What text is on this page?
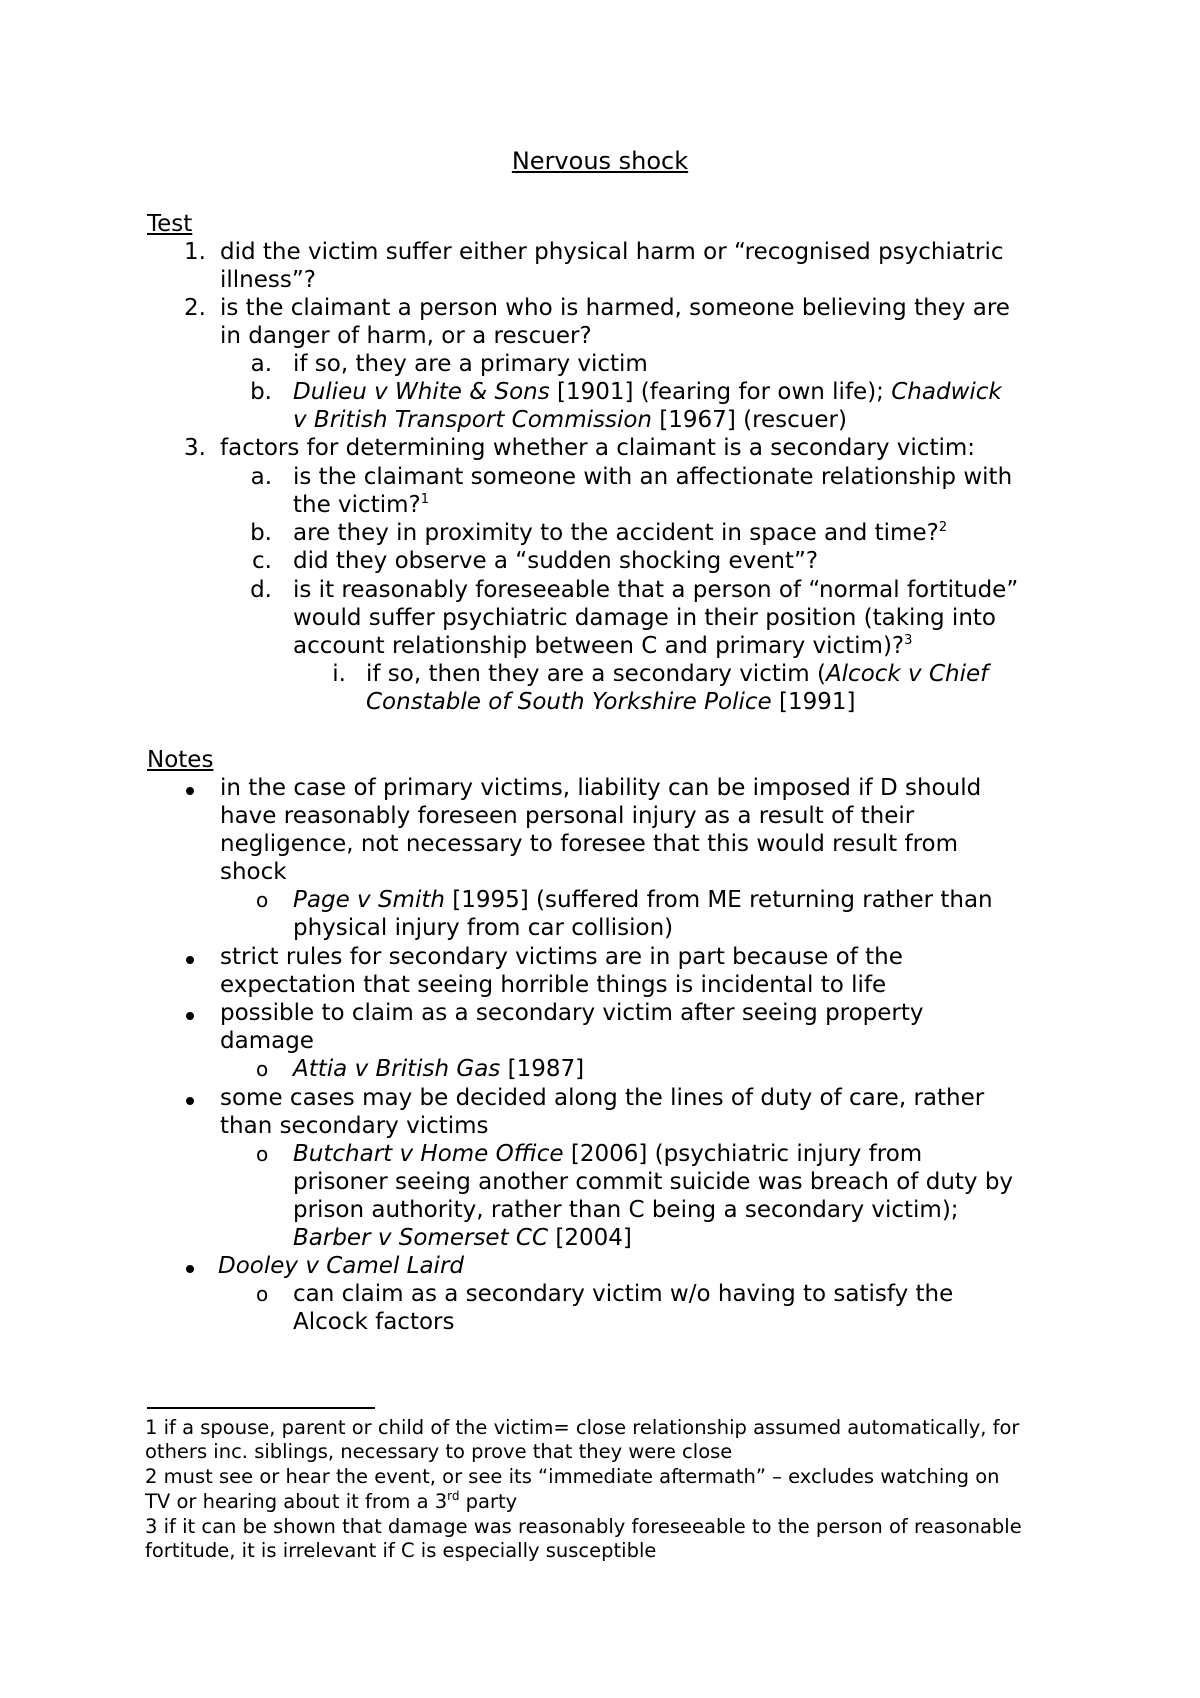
Nervous shock
Test
1. did the victim suffer either physical harm or “recognised psychiatric
illness”?
2. is the claimant a person who is harmed, someone believing they are
in danger of harm, or a rescuer?
a. if so, they are a primary victim
b. Dulieu v White & Sons [1901] (fearing for own life); Chadwick
v British Transport Commission [1967] (rescuer)
3. factors for determining whether a claimant is a secondary victim:
a. is the claimant someone with an affectionate relationship with
the victim?$^1$
b. are they in proximity to the accident in space and time?$^2$
c. did they observe a “sudden shocking event”?
d. is it reasonably foreseeable that a person of “normal fortitude”
would suffer psychiatric damage in their position (taking into
account relationship between C and primary victim)?$^3$
i. if so, then they are a secondary victim (Alcock v Chief
Constable of South Yorkshire Police [1991]
Notes
in the case of primary victims, liability can be imposed if D should
have reasonably foreseen personal injury as a result of their
negligence, not necessary to foresee that this would result from
shock
o Page v Smith [1995] (suffered from ME returning rather than
physical injury from car collision)
strict rules for secondary victims are in part because of the
expectation that seeing horrible things is incidental to life
possible to claim as a secondary victim after seeing property
damage
o Attia v British Gas [1987]
some cases may be decided along the lines of duty of care, rather
than secondary victims
o Butchart v Home Office [2006] (psychiatric injury from
prisoner seeing another commit suicide was breach of duty by
prison authority, rather than C being a secondary victim);
Barber v Somerset CC [2004]
Dooley v Camel Laird
o can claim as a secondary victim w/o having to satisfy the
Alcock factors
1 if a spouse, parent or child of the victim= close relationship assumed automatically, for
others inc. siblings, necessary to prove that they were close
2 must see or hear the event, or see its “immediate aftermath” – excludes watching on
TV or hearing about it from a 3rd party
3 if it can be shown that damage was reasonably foreseeable to the person of reasonable
fortitude, it is irrelevant if C is especially susceptible
